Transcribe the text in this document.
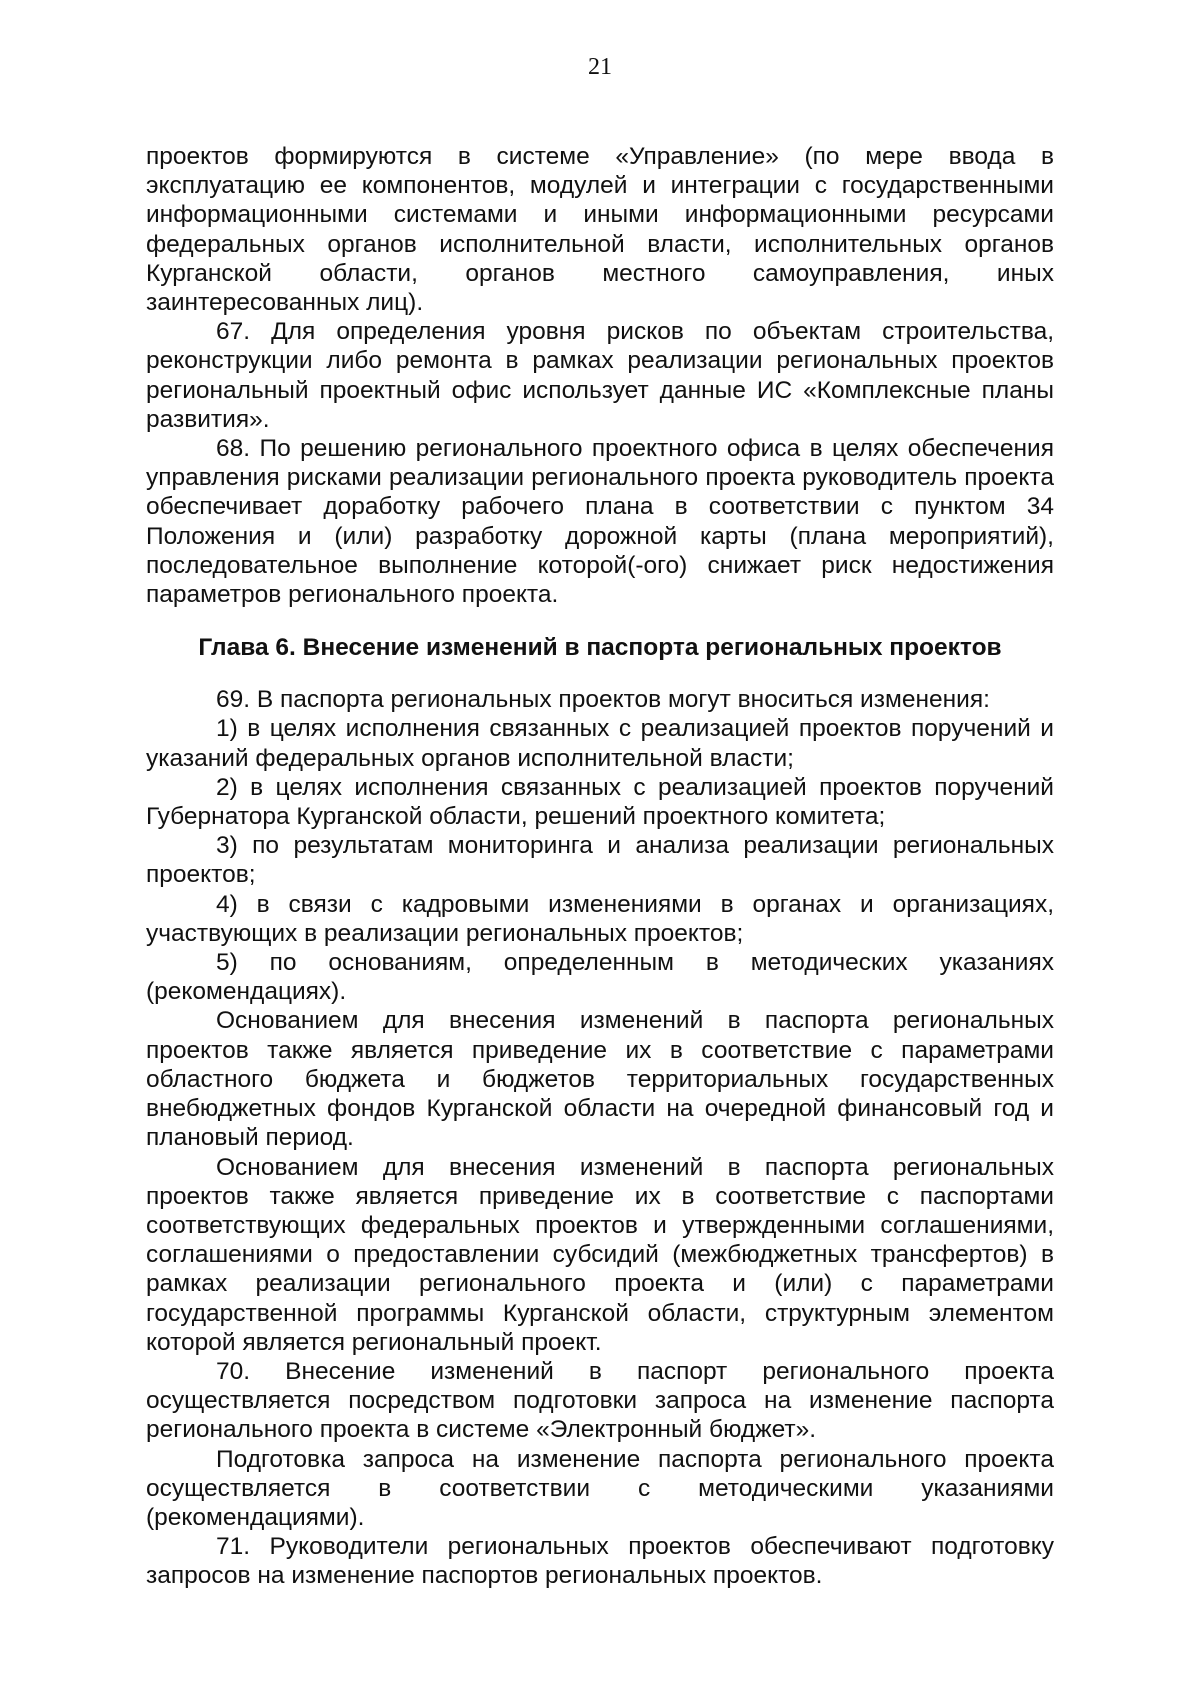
21

проектов формируются в системе «Управление» (по мере ввода в эксплуатацию ее компонентов, модулей и интеграции с государственными информационными системами и иными информационными ресурсами федеральных органов исполнительной власти, исполнительных органов Курганской области, органов местного самоуправления, иных заинтересованных лиц).

67. Для определения уровня рисков по объектам строительства, реконструкции либо ремонта в рамках реализации региональных проектов региональный проектный офис использует данные ИС «Комплексные планы развития».

68. По решению регионального проектного офиса в целях обеспечения управления рисками реализации регионального проекта руководитель проекта обеспечивает доработку рабочего плана в соответствии с пунктом 34 Положения и (или) разработку дорожной карты (плана мероприятий), последовательное выполнение которой(-ого) снижает риск недостижения параметров регионального проекта.

Глава 6. Внесение изменений в паспорта региональных проектов

69. В паспорта региональных проектов могут вноситься изменения:

1) в целях исполнения связанных с реализацией проектов поручений и указаний федеральных органов исполнительной власти;

2) в целях исполнения связанных с реализацией проектов поручений Губернатора Курганской области, решений проектного комитета;

3) по результатам мониторинга и анализа реализации региональных проектов;

4) в связи с кадровыми изменениями в органах и организациях, участвующих в реализации региональных проектов;

5) по основаниям, определенным в методических указаниях (рекомендациях).

Основанием для внесения изменений в паспорта региональных проектов также является приведение их в соответствие с параметрами областного бюджета и бюджетов территориальных государственных внебюджетных фондов Курганской области на очередной финансовый год и плановый период.

Основанием для внесения изменений в паспорта региональных проектов также является приведение их в соответствие с паспортами соответствующих федеральных проектов и утвержденными соглашениями, соглашениями о предоставлении субсидий (межбюджетных трансфертов) в рамках реализации регионального проекта и (или) с параметрами государственной программы Курганской области, структурным элементом которой является региональный проект.

70. Внесение изменений в паспорт регионального проекта осуществляется посредством подготовки запроса на изменение паспорта регионального проекта в системе «Электронный бюджет».

Подготовка запроса на изменение паспорта регионального проекта осуществляется в соответствии с методическими указаниями (рекомендациями).

71. Руководители региональных проектов обеспечивают подготовку запросов на изменение паспортов региональных проектов.
